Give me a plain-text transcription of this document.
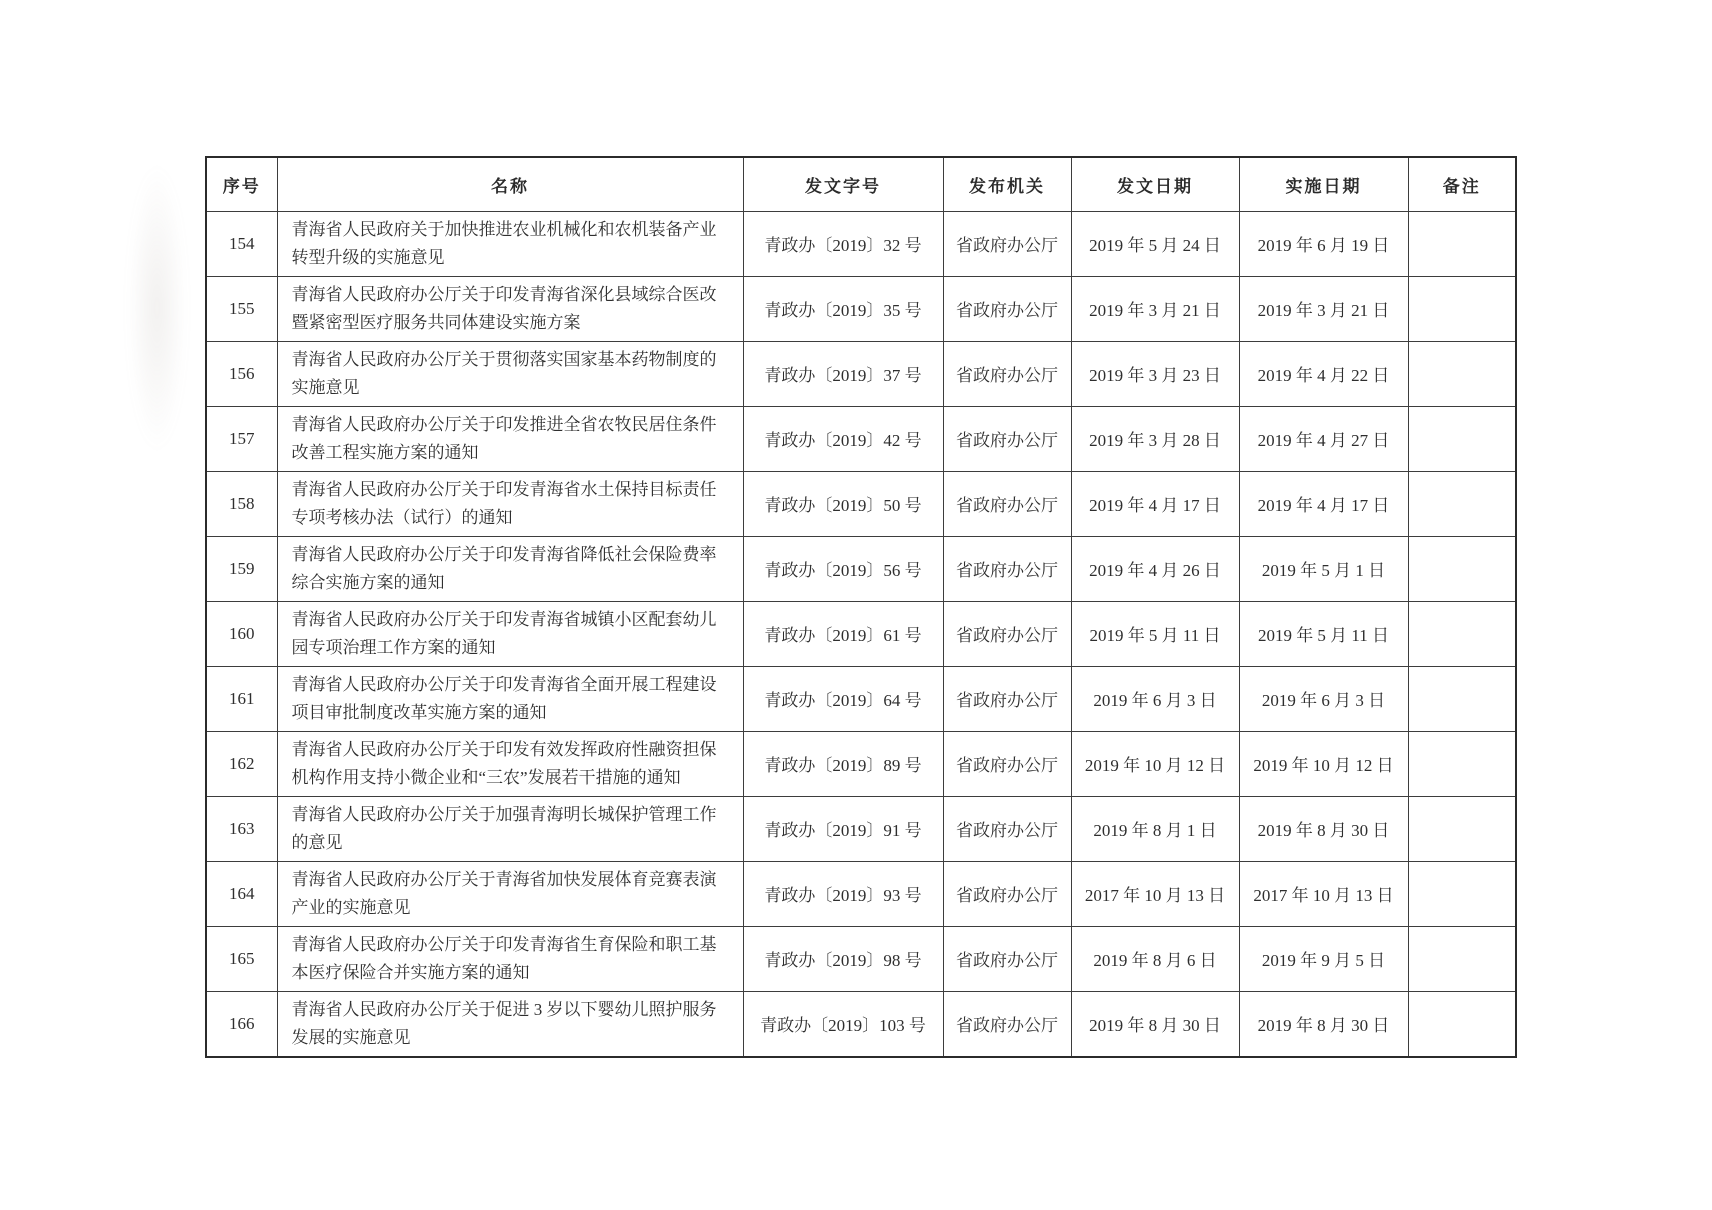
序号	名称	发文字号	发布机关	发文日期	实施日期	备注
154	青海省人民政府关于加快推进农业机械化和农机装备产业转型升级的实施意见	青政办〔2019〕32 号	省政府办公厅	2019 年 5 月 24 日	2019 年 6 月 19 日	
155	青海省人民政府办公厅关于印发青海省深化县域综合医改暨紧密型医疗服务共同体建设实施方案	青政办〔2019〕35 号	省政府办公厅	2019 年 3 月 21 日	2019 年 3 月 21 日	
156	青海省人民政府办公厅关于贯彻落实国家基本药物制度的实施意见	青政办〔2019〕37 号	省政府办公厅	2019 年 3 月 23 日	2019 年 4 月 22 日	
157	青海省人民政府办公厅关于印发推进全省农牧民居住条件改善工程实施方案的通知	青政办〔2019〕42 号	省政府办公厅	2019 年 3 月 28 日	2019 年 4 月 27 日	
158	青海省人民政府办公厅关于印发青海省水土保持目标责任专项考核办法（试行）的通知	青政办〔2019〕50 号	省政府办公厅	2019 年 4 月 17 日	2019 年 4 月 17 日	
159	青海省人民政府办公厅关于印发青海省降低社会保险费率综合实施方案的通知	青政办〔2019〕56 号	省政府办公厅	2019 年 4 月 26 日	2019 年 5 月 1 日	
160	青海省人民政府办公厅关于印发青海省城镇小区配套幼儿园专项治理工作方案的通知	青政办〔2019〕61 号	省政府办公厅	2019 年 5 月 11 日	2019 年 5 月 11 日	
161	青海省人民政府办公厅关于印发青海省全面开展工程建设项目审批制度改革实施方案的通知	青政办〔2019〕64 号	省政府办公厅	2019 年 6 月 3 日	2019 年 6 月 3 日	
162	青海省人民政府办公厅关于印发有效发挥政府性融资担保机构作用支持小微企业和“三农”发展若干措施的通知	青政办〔2019〕89 号	省政府办公厅	2019 年 10 月 12 日	2019 年 10 月 12 日	
163	青海省人民政府办公厅关于加强青海明长城保护管理工作的意见	青政办〔2019〕91 号	省政府办公厅	2019 年 8 月 1 日	2019 年 8 月 30 日	
164	青海省人民政府办公厅关于青海省加快发展体育竞赛表演产业的实施意见	青政办〔2019〕93 号	省政府办公厅	2017 年 10 月 13 日	2017 年 10 月 13 日	
165	青海省人民政府办公厅关于印发青海省生育保险和职工基本医疗保险合并实施方案的通知	青政办〔2019〕98 号	省政府办公厅	2019 年 8 月 6 日	2019 年 9 月 5 日	
166	青海省人民政府办公厅关于促进 3 岁以下婴幼儿照护服务发展的实施意见	青政办〔2019〕103 号	省政府办公厅	2019 年 8 月 30 日	2019 年 8 月 30 日	
